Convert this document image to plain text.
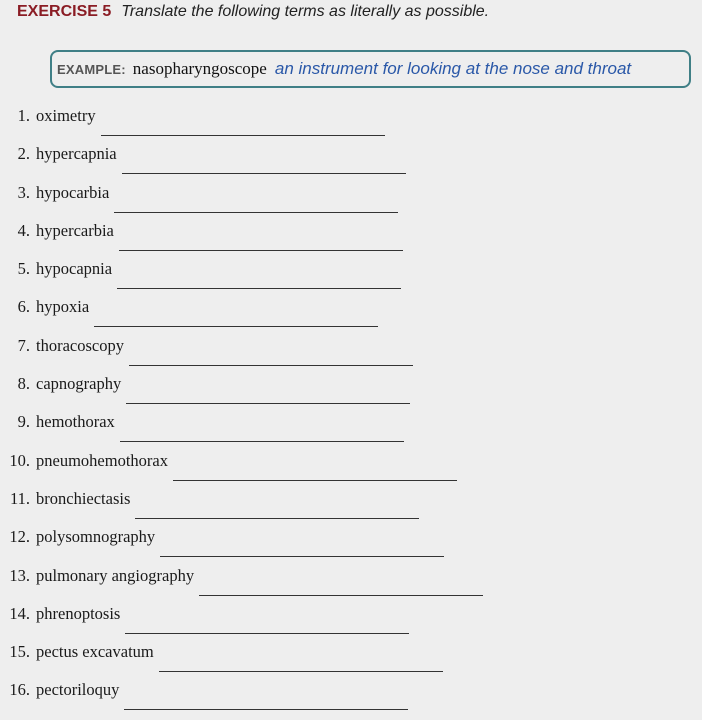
EXERCISE 5 Translate the following terms as literally as possible.
EXAMPLE: nasopharyngoscope an instrument for looking at the nose and throat
1. oximetry
2. hypercapnia
3. hypocarbia
4. hypercarbia
5. hypocapnia
6. hypoxia
7. thoracoscopy
8. capnography
9. hemothorax
10. pneumohemothorax
11. bronchiectasis
12. polysomnography
13. pulmonary angiography
14. phrenoptosis
15. pectus excavatum
16. pectoriloquy
